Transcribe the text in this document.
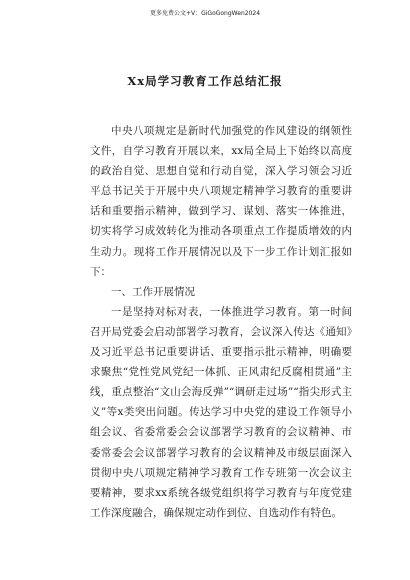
更多免费公文+V：GiGoGongWen2024
Xx局学习教育工作总结汇报

中央八项规定是新时代加强党的作风建设的纲领性文件，自学习教育开展以来，xx局全局上下始终以高度的政治自觉、思想自觉和行动自觉，深入学习领会习近平总书记关于开展中央八项规定精神学习教育的重要讲话和重要指示精神，做到学习、谋划、落实一体推进，切实将学习成效转化为推动各项重点工作提质增效的内生动力。现将工作开展情况以及下一步工作计划汇报如下：

一、工作开展情况

一是坚持对标对表，一体推进学习教育。第一时间召开局党委会启动部署学习教育，会议深入传达《通知》及习近平总书记重要讲话、重要指示批示精神，明确要求聚焦“党性党风党纪一体抓、正风肃纪反腐相贯通”主线，重点整治“文山会海反弹”“调研走过场”“指尖形式主义”等x类突出问题。传达学习中央党的建设工作领导小组会议、省委常委会会议部署学习教育的会议精神、市委常委会会议部署学习教育的会议精神及市级层面深入贯彻中央八项规定精神学习教育工作专班第一次会议主要精神，要求xx系统各级党组织将学习教育与年度党建工作深度融合，确保规定动作到位、自选动作有特色。
